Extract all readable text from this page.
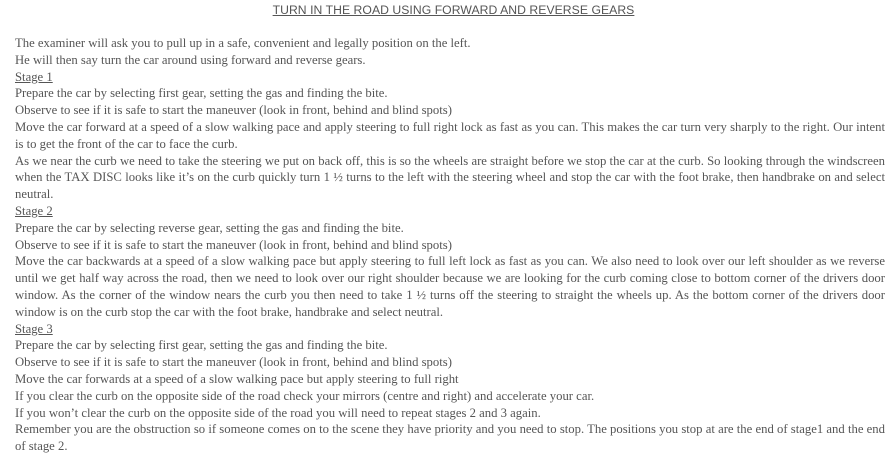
TURN IN THE ROAD USING FORWARD AND REVERSE GEARS

The examiner will ask you to pull up in a safe, convenient and legally position on the left.

He will then say turn the car around using forward and reverse gears.

Stage 1

Prepare the car by selecting first gear, setting the gas and finding the bite.

Observe to see if it is safe to start the maneuver (look in front, behind and blind spots)

Move the car forward at a speed of a slow walking pace and apply steering to full right lock as fast as you can. This makes the car turn very sharply to the right. Our intent is to get the front of the car to face the curb.

As we near the curb we need to take the steering we put on back off, this is so the wheels are straight before we stop the car at the curb. So looking through the windscreen when the TAX DISC looks like it’s on the curb quickly turn 1 ½ turns to the left with the steering wheel and stop the car with the foot brake, then handbrake on and select neutral.

Stage 2

Prepare the car by selecting reverse gear, setting the gas and finding the bite.

Observe to see if it is safe to start the maneuver (look in front, behind and blind spots)

Move the car backwards at a speed of a slow walking pace but apply steering to full left lock as fast as you can. We also need to look over our left shoulder as we reverse until we get half way across the road, then we need to look over our right shoulder because we are looking for the curb coming close to bottom corner of the drivers door window. As the corner of the window nears the curb you then need to take 1 ½ turns off the steering to straight the wheels up. As the bottom corner of the drivers door window is on the curb stop the car with the foot brake, handbrake and select neutral.

Stage 3

Prepare the car by selecting first gear, setting the gas and finding the bite.

Observe to see if it is safe to start the maneuver (look in front, behind and blind spots)

Move the car forwards at a speed of a slow walking pace but apply steering to full right

If you clear the curb on the opposite side of the road check your mirrors (centre and right) and accelerate your car.

If you won’t clear the curb on the opposite side of the road you will need to repeat stages 2 and 3 again.

Remember you are the obstruction so if someone comes on to the scene they have priority and you need to stop. The positions you stop at are the end of stage1 and the end of stage 2.
